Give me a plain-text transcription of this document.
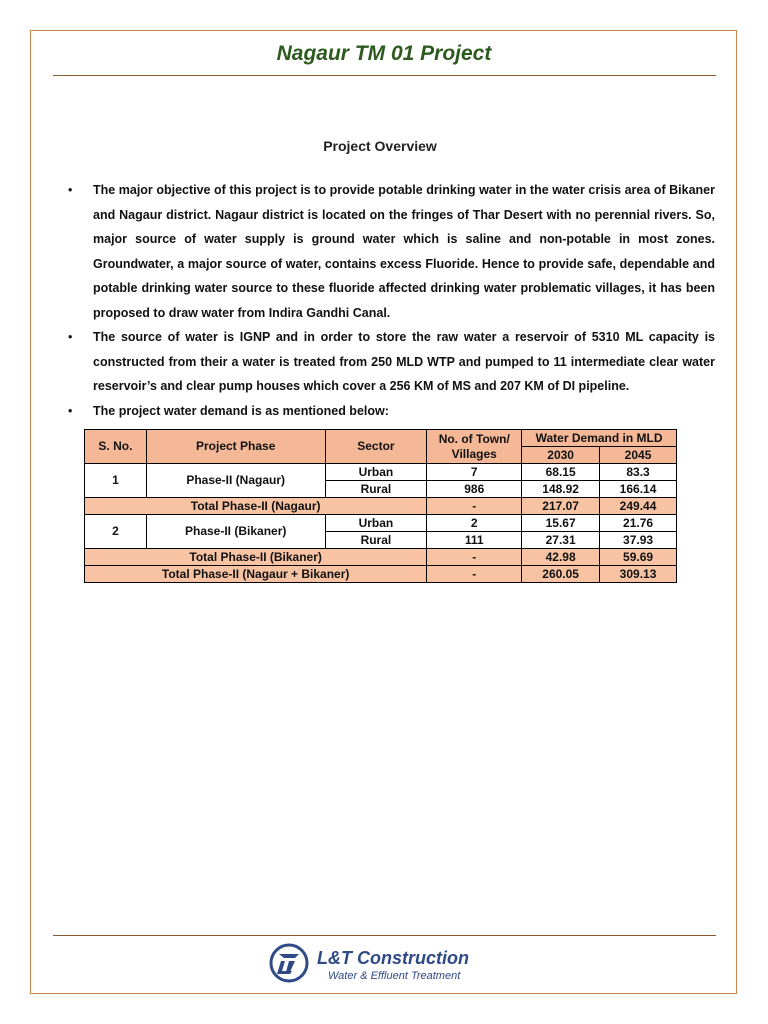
Nagaur TM 01 Project
Project Overview
• The major objective of this project is to provide potable drinking water in the water crisis area of Bikaner and Nagaur district. Nagaur district is located on the fringes of Thar Desert with no perennial rivers. So, major source of water supply is ground water which is saline and non-potable in most zones. Groundwater, a major source of water, contains excess Fluoride. Hence to provide safe, dependable and potable drinking water source to these fluoride affected drinking water problematic villages, it has been proposed to draw water from Indira Gandhi Canal.
• The source of water is IGNP and in order to store the raw water a reservoir of 5310 ML capacity is constructed from their a water is treated from 250 MLD WTP and pumped to 11 intermediate clear water reservoir’s and clear pump houses which cover a 256 KM of MS and 207 KM of DI pipeline.
• The project water demand is as mentioned below:
S. No.	Project Phase	Sector	No. of Town/ Villages	Water Demand in MLD	
				2030	2045
1	Phase-II (Nagaur)	Urban	7	68.15	83.3
		Rural	986	148.92	166.14
Total Phase-II (Nagaur)			-	217.07	249.44
2	Phase-II (Bikaner)	Urban	2	15.67	21.76
		Rural	111	27.31	37.93
Total Phase-II (Bikaner)			-	42.98	59.69
Total Phase-II (Nagaur + Bikaner)			-	260.05	309.13
L&T Construction
Water & Effluent Treatment
